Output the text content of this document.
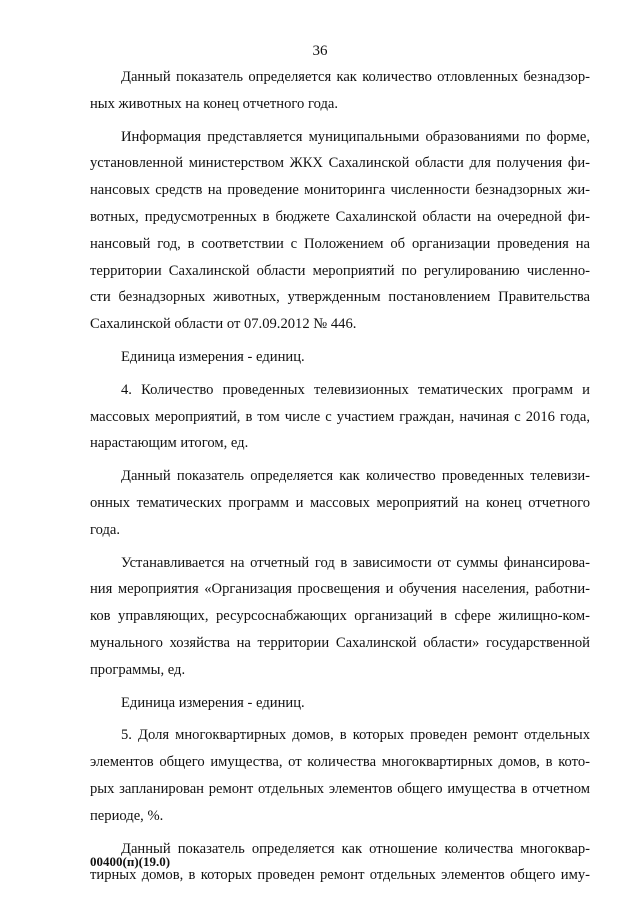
36
Данный показатель определяется как количество отловленных безнадзор-
ных животных на конец отчетного года.
Информация представляется муниципальными образованиями по форме,
установленной министерством ЖКХ Сахалинской области для получения фи-
нансовых средств на проведение мониторинга численности безнадзорных жи-
вотных, предусмотренных в бюджете Сахалинской области на очередной фи-
нансовый год, в соответствии с Положением об организации проведения на
территории Сахалинской области мероприятий по регулированию численно-
сти безнадзорных животных, утвержденным постановлением Правительства
Сахалинской области от 07.09.2012 № 446.
Единица измерения - единиц.
4. Количество проведенных телевизионных тематических программ и
массовых мероприятий, в том числе с участием граждан, начиная с 2016 года,
нарастающим итогом, ед.
Данный показатель определяется как количество проведенных телевизи-
онных тематических программ и массовых мероприятий на конец отчетного
года.
Устанавливается на отчетный год в зависимости от суммы финансирова-
ния мероприятия «Организация просвещения и обучения населения, работни-
ков управляющих, ресурсоснабжающих организаций в сфере жилищно-ком-
мунального хозяйства на территории Сахалинской области» государственной
программы, ед.
Единица измерения - единиц.
5. Доля многоквартирных домов, в которых проведен ремонт отдельных
элементов общего имущества, от количества многоквартирных домов, в кото-
рых запланирован ремонт отдельных элементов общего имущества в отчетном
периоде, %.
Данный показатель определяется как отношение количества многоквар-
тирных домов, в которых проведен ремонт отдельных элементов общего иму-
00400(п)(19.0)
